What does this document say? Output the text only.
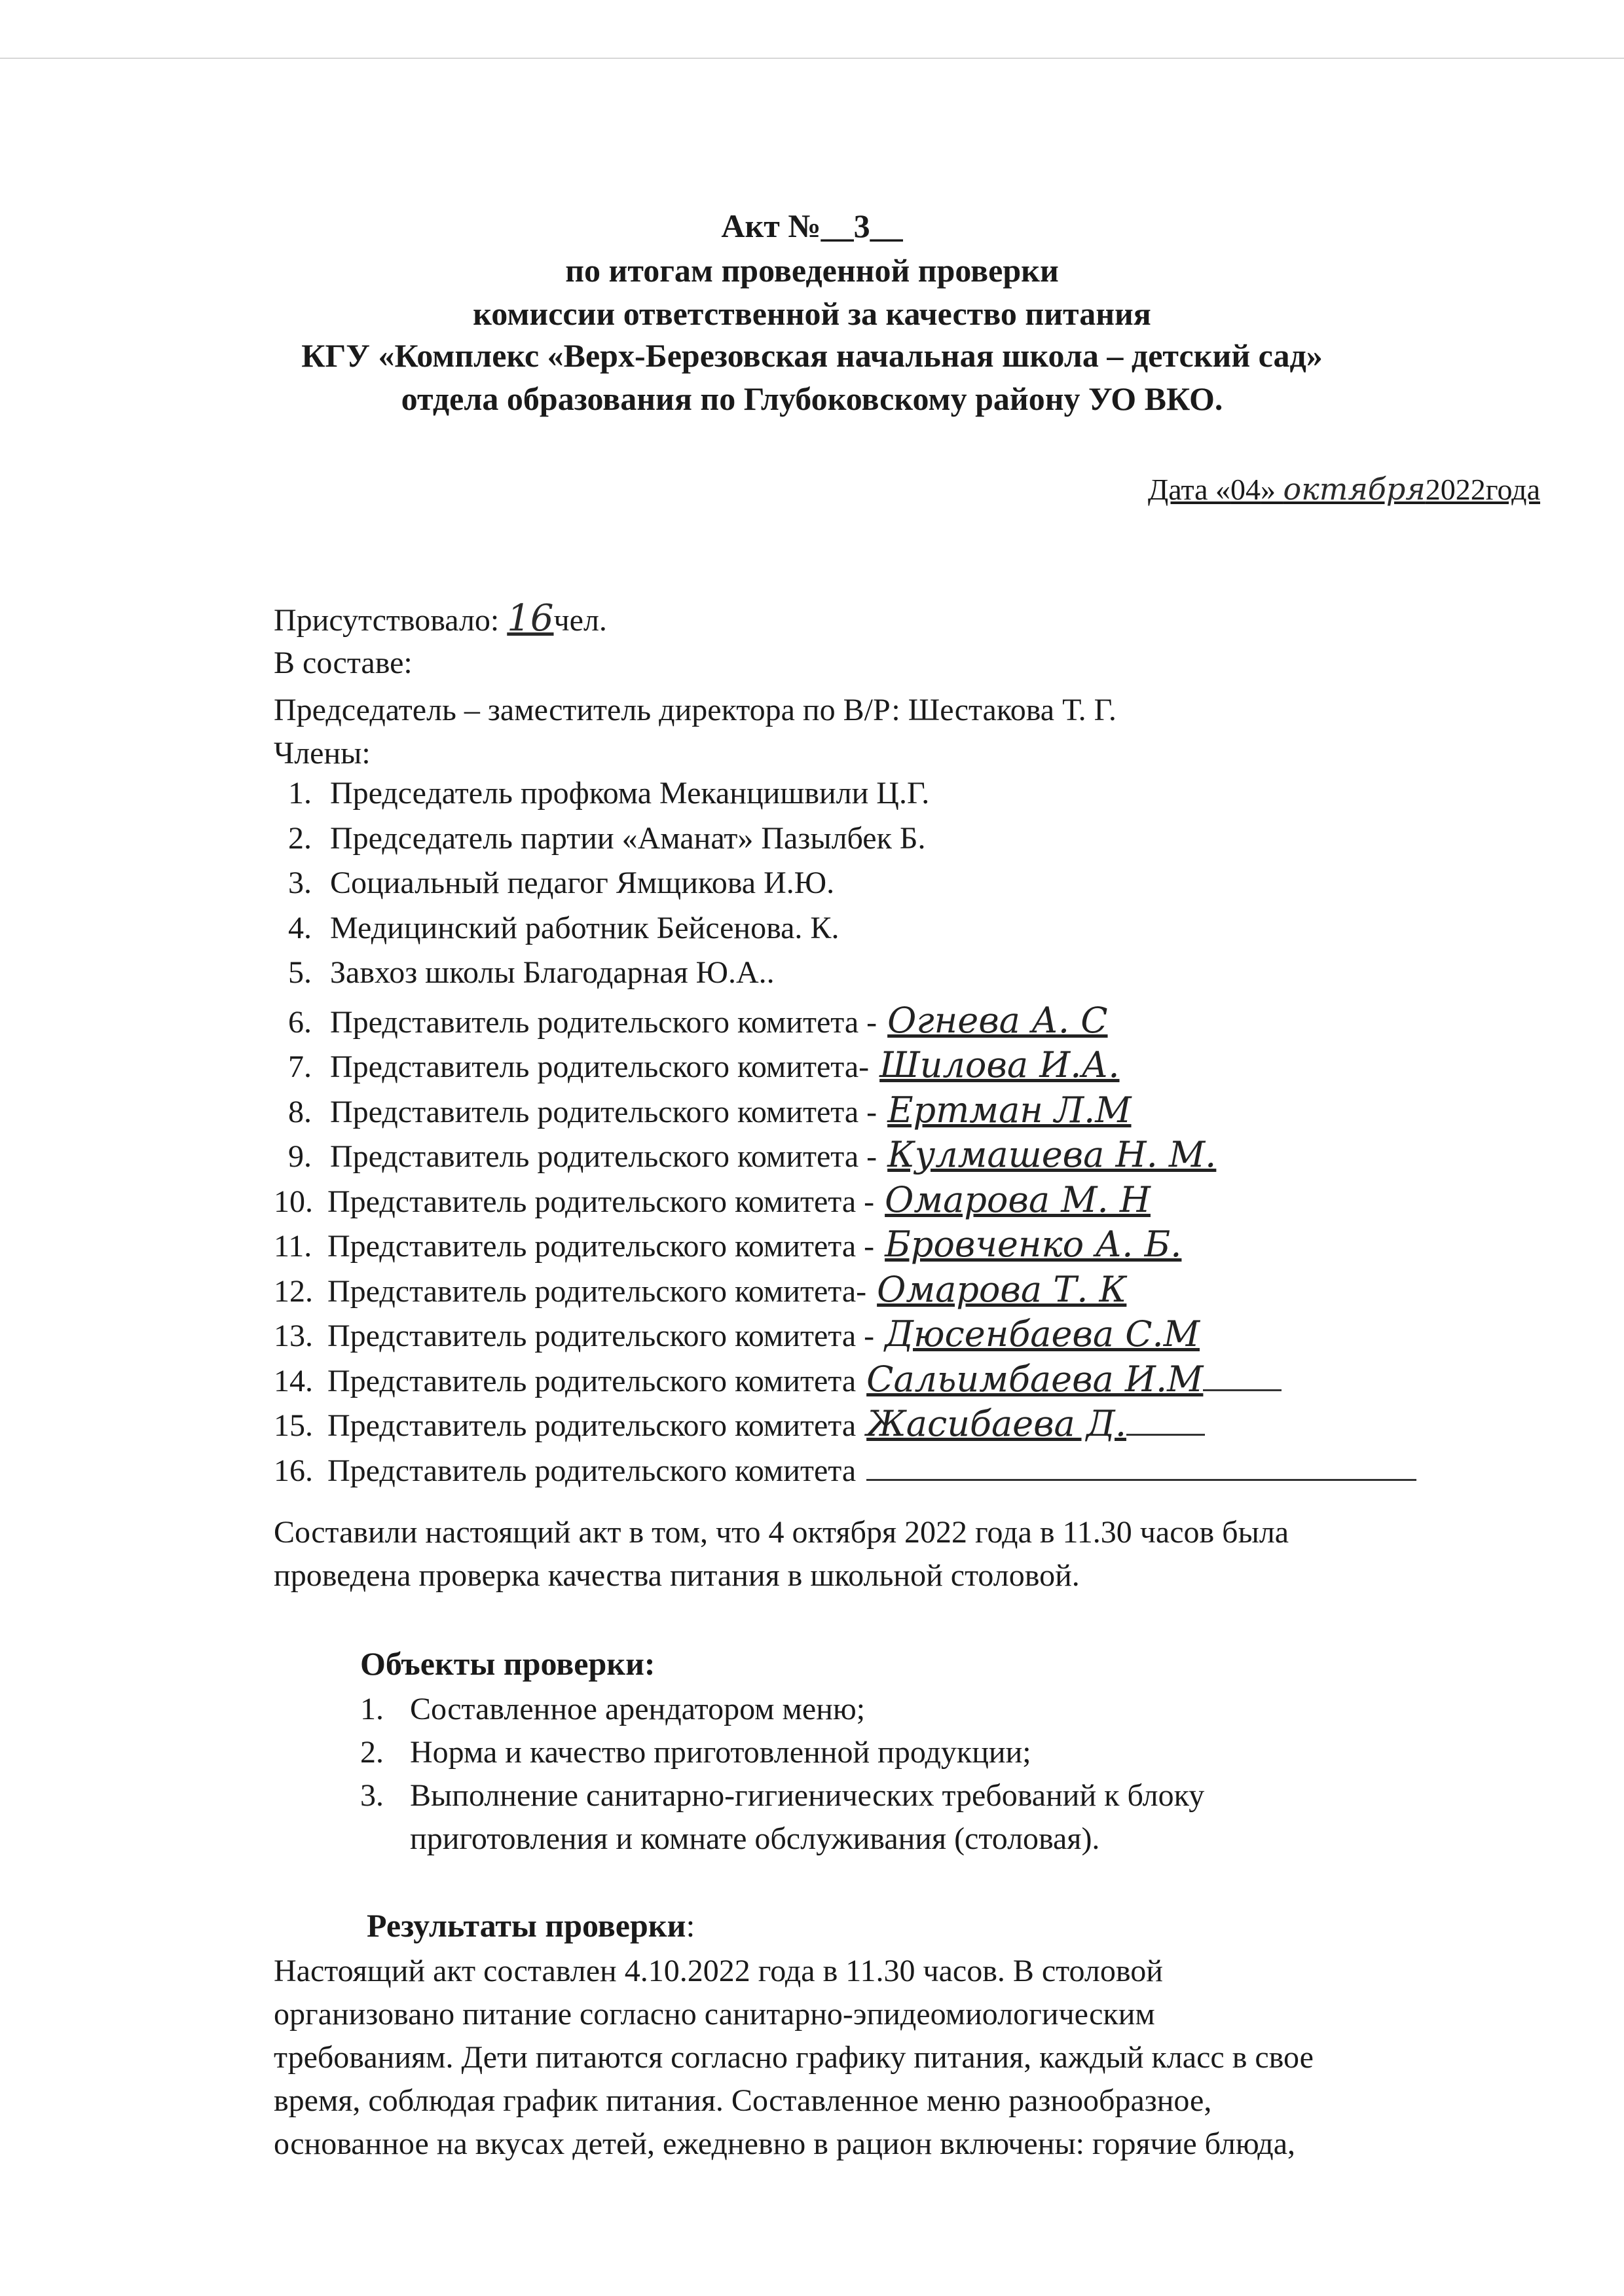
Акт №__3__
по итогам проведенной проверки
комиссии ответственной за качество питания
КГУ «Комплекс «Верх-Березовская начальная школа – детский сад»
отдела образования по Глубоковскому району УО ВКО.
Дата «04» октября2022года
Присутствовало: 16чел.
В составе:
Председатель – заместитель директора по В/Р: Шестакова Т. Г.
Члены:
1. Председатель профкома Меканцишвили Ц.Г.
2. Председатель партии «Аманат» Пазылбек Б.
3. Социальный педагог Ямщикова И.Ю.
4. Медицинский работник Бейсенова. К.
5. Завхоз школы Благодарная Ю.А..
6. Представитель родительского комитета - Огнева А. С
7. Представитель родительского комитета- Шилова И.А.
8. Представитель родительского комитета - Ертман Л.М
9. Представитель родительского комитета - Кулмашева Н. М.
10. Представитель родительского комитета - Омарова М. Н
11. Представитель родительского комитета - Бровченко А. Б.
12. Представитель родительского комитета- Омарова Т. К
13. Представитель родительского комитета - Дюсенбаева С.М
14. Представитель родительского комитета Сальимбаева И.М
15. Представитель родительского комитета Жасибаева Д.
16. Представитель родительского комитета
Составили настоящий акт в том, что 4 октября 2022 года в 11.30 часов была
проведена проверка качества питания в школьной столовой.
Объекты проверки:
1. Составленное арендатором меню;
2. Норма и качество приготовленной продукции;
3. Выполнение санитарно-гигиенических требований к блоку
приготовления и комнате обслуживания (столовая).
Результаты проверки:
Настоящий акт составлен 4.10.2022 года в 11.30 часов. В столовой
организовано питание согласно санитарно-эпидеомиологическим
требованиям. Дети питаются согласно графику питания, каждый класс в свое
время, соблюдая график питания. Составленное меню разнообразное,
основанное на вкусах детей, ежедневно в рацион включены: горячие блюда,
